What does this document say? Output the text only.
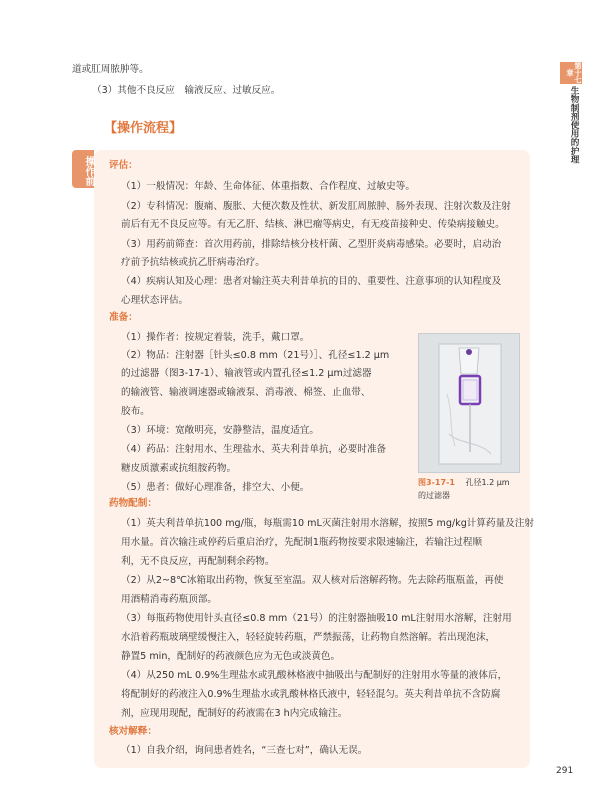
第十七章
生物制剂使用的护理
道或肛周脓肿等。
（3）其他不良反应　输液反应、过敏反应。
【操作流程】
操作前 评估：
（1）一般情况：年龄、生命体征、体重指数、合作程度、过敏史等。
（2）专科情况：腹痛、腹胀、大便次数及性状、新发肛周脓肿、肠外表现、注射次数及注射
前后有无不良反应等。有无乙肝、结核、淋巴瘤等病史，有无疫苗接种史、传染病接触史。
（3）用药前筛查：首次用药前，排除结核分枝杆菌、乙型肝炎病毒感染。必要时，启动治
疗前予抗结核或抗乙肝病毒治疗。
（4）疾病认知及心理：患者对输注英夫利昔单抗的目的、重要性、注意事项的认知程度及
心理状态评估。
准备：
（1）操作者：按规定着装，洗手，戴口罩。
（2）物品：注射器［针头≤0.8 mm（21号）］、孔径≤1.2 μm
的过滤器（图3-17-1）、输液管或内置孔径≤1.2 μm过滤器
的输液管、输液调速器或输液泵、消毒液、棉签、止血带、
胶布。
（3）环境：宽敞明亮，安静整洁，温度适宜。
（4）药品：注射用水、生理盐水、英夫利昔单抗，必要时准备
糖皮质激素或抗组胺药物。
（5）患者：做好心理准备，排空大、小便。	图3-17-1 孔径1.2 μm
的过滤器
药物配制：
（1）英夫利昔单抗100 mg/瓶，每瓶需10 mL灭菌注射用水溶解，按照5 mg/kg计算药量及注射
用水量。首次输注或停药后重启治疗，先配制1瓶药物按要求限速输注，若输注过程顺
利，无不良反应，再配制剩余药物。
（2）从2~8℃冰箱取出药物，恢复至室温。双人核对后溶解药物。先去除药瓶瓶盖，再使
用酒精消毒药瓶顶部。
（3）每瓶药物使用针头直径≤0.8 mm（21号）的注射器抽吸10 mL注射用水溶解，注射用
水沿着药瓶玻璃壁缓慢注入，轻轻旋转药瓶，严禁振荡，让药物自然溶解。若出现泡沫，
静置5 min，配制好的药液颜色应为无色或淡黄色。
（4）从250 mL 0.9%生理盐水或乳酸林格液中抽吸出与配制好的注射用水等量的液体后，
将配制好的药液注入0.9%生理盐水或乳酸林格氏液中，轻轻混匀。英夫利昔单抗不含防腐
剂，应现用现配，配制好的药液需在3 h内完成输注。
核对解释：
（1）自我介绍，询问患者姓名，“三查七对”，确认无误。
291
